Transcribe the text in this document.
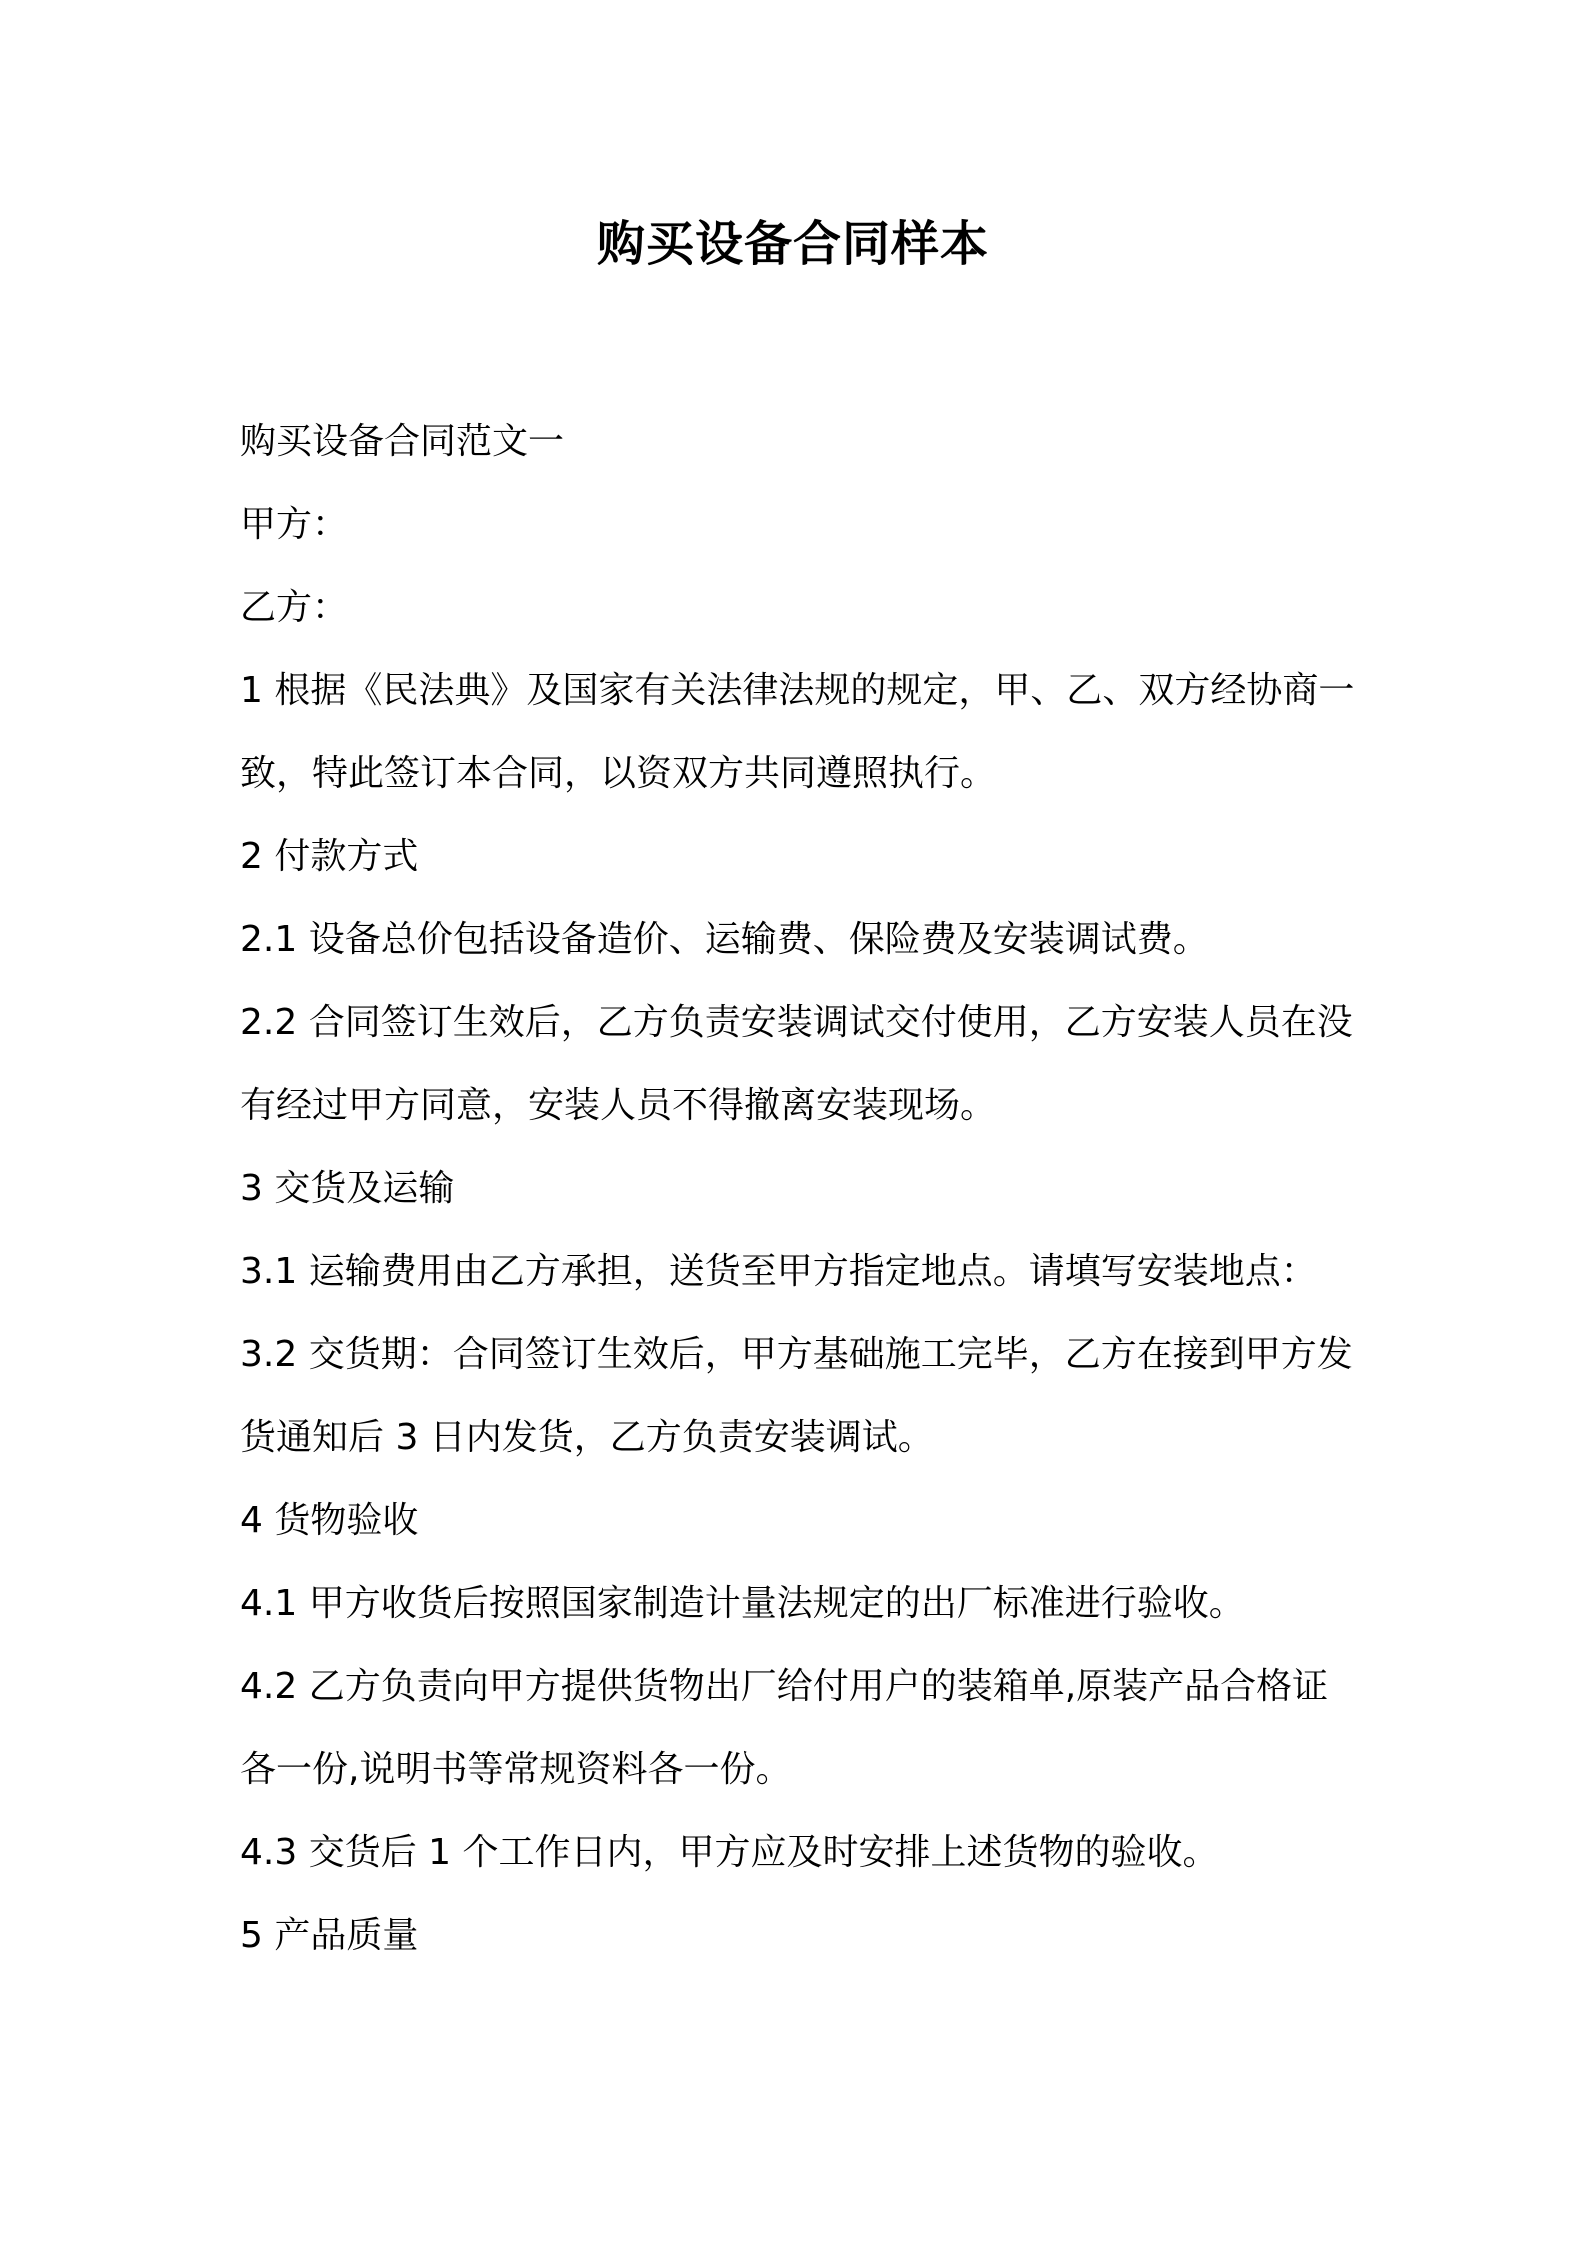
购买设备合同样本

购买设备合同范文一

甲方：

乙方：

1 根据《民法典》及国家有关法律法规的规定，甲、乙、双方经协商一致，特此签订本合同，以资双方共同遵照执行。

2 付款方式

2.1 设备总价包括设备造价、运输费、保险费及安装调试费。

2.2 合同签订生效后，乙方负责安装调试交付使用，乙方安装人员在没有经过甲方同意，安装人员不得撤离安装现场。

3 交货及运输

3.1 运输费用由乙方承担，送货至甲方指定地点。请填写安装地点：

3.2 交货期：合同签订生效后，甲方基础施工完毕，乙方在接到甲方发货通知后 3 日内发货，乙方负责安装调试。

4 货物验收

4.1 甲方收货后按照国家制造计量法规定的出厂标准进行验收。

4.2 乙方负责向甲方提供货物出厂给付用户的装箱单,原装产品合格证各一份,说明书等常规资料各一份。

4.3 交货后 1 个工作日内，甲方应及时安排上述货物的验收。

5 产品质量
